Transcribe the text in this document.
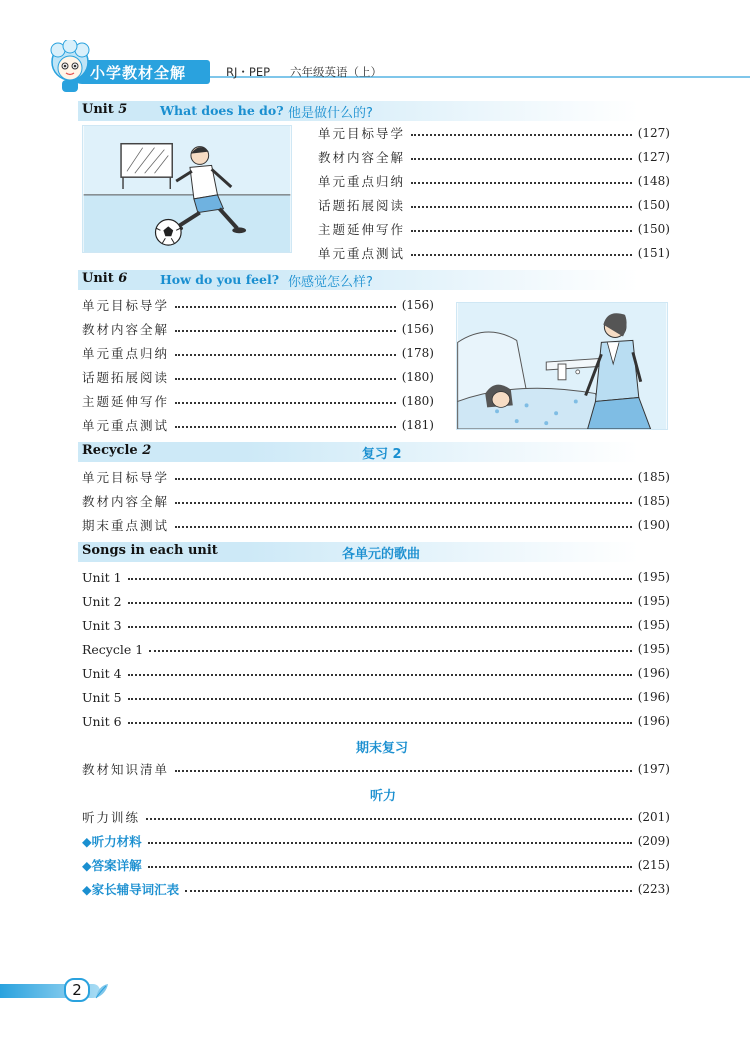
小学教材全解	RJ・PEP 六年级英语（上）
Unit 5	What does he do? 他是做什么的?
单元目标导学	(127)
教材内容全解	(127)
单元重点归纳	(148)
话题拓展阅读	(150)
主题延伸写作	(150)
单元重点测试	(151)
Unit 6	How do you feel? 你感觉怎么样?
单元目标导学	(156)
教材内容全解	(156)
单元重点归纳	(178)
话题拓展阅读	(180)
主题延伸写作	(180)
单元重点测试	(181)
Recycle 2	复习 2
单元目标导学	(185)
教材内容全解	(185)
期末重点测试	(190)
Songs in each unit	各单元的歌曲
Unit 1	(195)
Unit 2	(195)
Unit 3	(195)
Recycle 1	(195)
Unit 4	(196)
Unit 5	(196)
Unit 6	(196)
期末复习
教材知识清单	(197)
听力
听力训练	(201)
◆听力材料	(209)
◆答案详解	(215)
◆家长辅导词汇表	(223)
2
